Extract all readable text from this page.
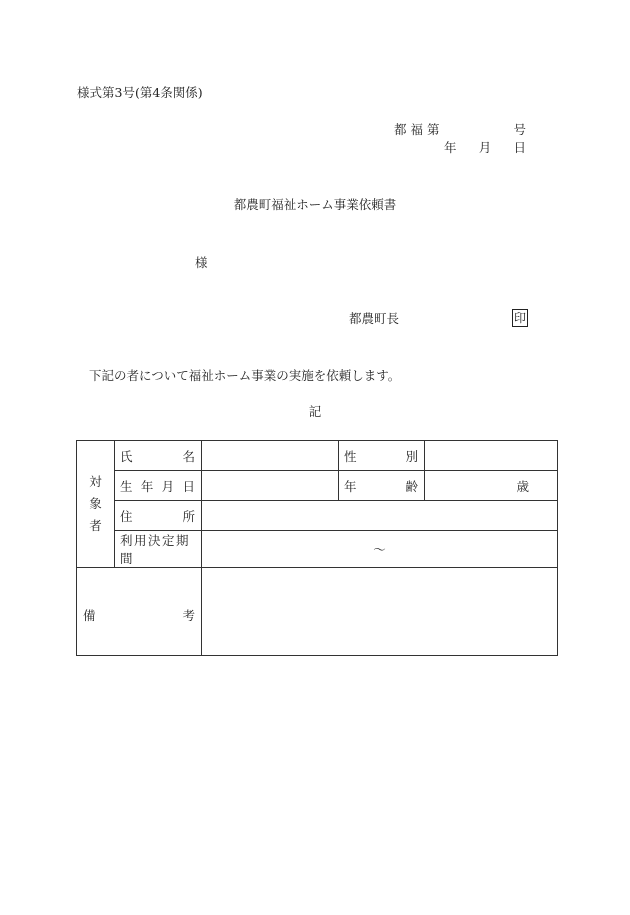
様式第3号(第4条関係)
都 福 第	号
年 月 日
都農町福祉ホーム事業依頼書
様
都農町長	印
下記の者について福祉ホーム事業の実施を依頼します。
記
対
象
者	氏 名		性 別	

	生 年 月 日		年 齢	歳

	住 所			

	利用決定期間	～		

備 考				
